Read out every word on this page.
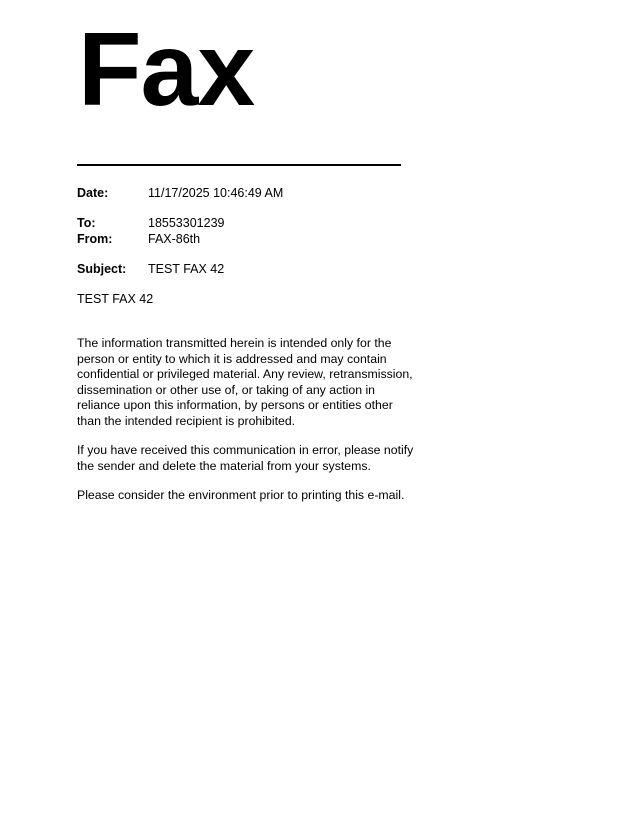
Fax
Date:	11/17/2025 10:46:49 AM
To:	18553301239
From:	FAX-86th
Subject: TEST FAX 42
TEST FAX 42
The information transmitted herein is intended only for the
person or entity to which it is addressed and may contain
confidential or privileged material. Any review, retransmission,
dissemination or other use of, or taking of any action in
reliance upon this information, by persons or entities other
than the intended recipient is prohibited.
If you have received this communication in error, please notify
the sender and delete the material from your systems.
Please consider the environment prior to printing this e-mail.
